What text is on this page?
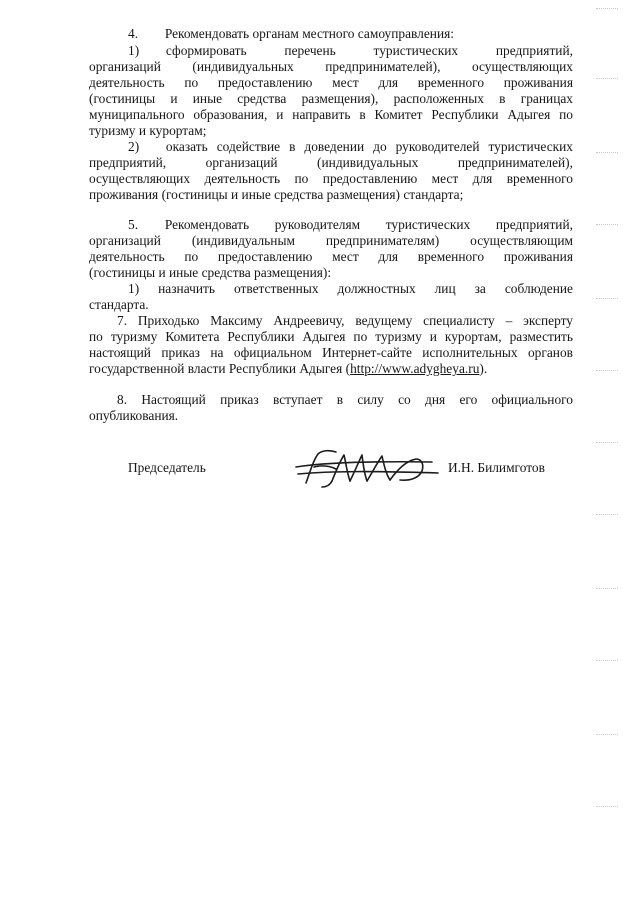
4.  Рекомендовать органам местного самоуправления:
1)  сформировать перечень туристических предприятий,
организаций (индивидуальных предпринимателей), осуществляющих
деятельность по предоставлению мест для временного проживания
(гостиницы и иные средства размещения), расположенных в границах
муниципального образования, и направить в Комитет Республики Адыгея по
туризму и курортам;
2)  оказать содействие в доведении до руководителей туристических
предприятий, организаций (индивидуальных предпринимателей),
осуществляющих деятельность по предоставлению мест для временного
проживания (гостиницы и иные средства размещения) стандарта;
5.  Рекомендовать руководителям туристических предприятий,
организаций (индивидуальным предпринимателям) осуществляющим
деятельность по предоставлению мест для временного проживания
(гостиницы и иные средства размещения):
1) назначить ответственных должностных лиц за соблюдение
стандарта.
7. Приходько Максиму Андреевичу, ведущему специалисту – эксперту
по туризму Комитета Республики Адыгея по туризму и курортам, разместить
настоящий приказ на официальном Интернет-сайте исполнительных органов
государственной власти Республики Адыгея (http://www.adygheya.ru).
8. Настоящий приказ вступает в силу со дня его официального
опубликования.
Председатель	И.Н. Билимготов
